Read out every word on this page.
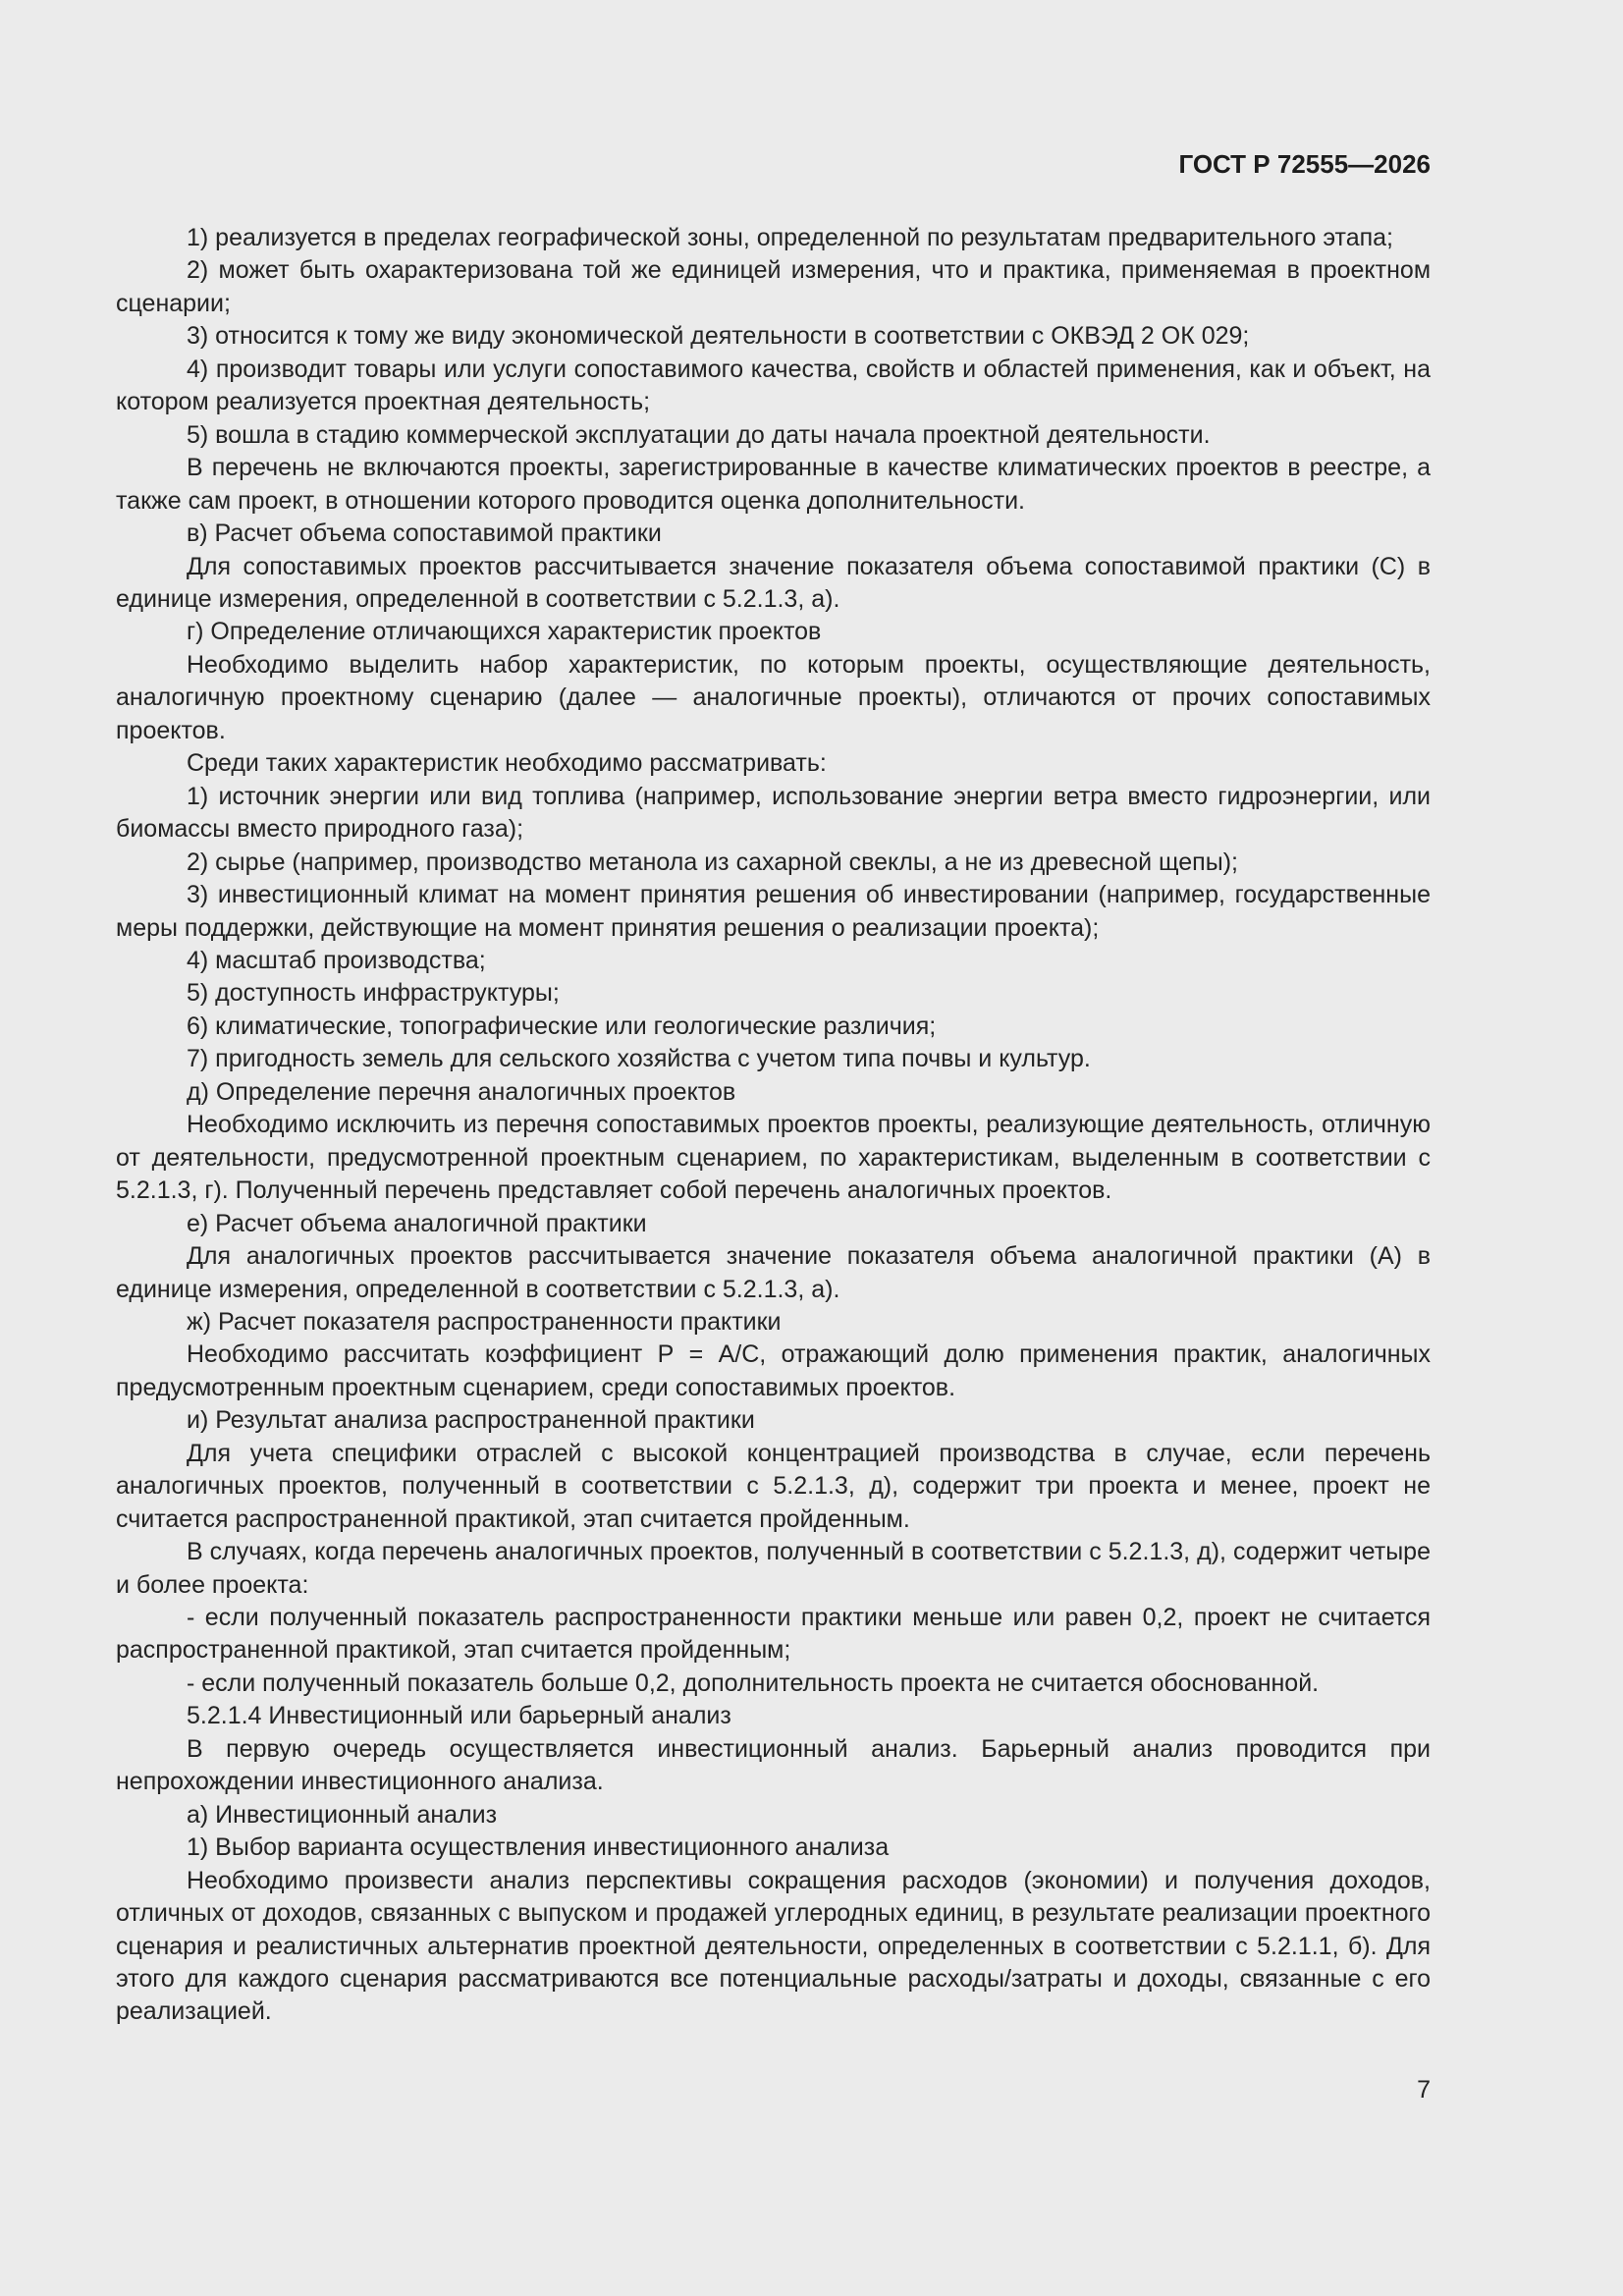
ГОСТ Р 72555—2026

1) реализуется в пределах географической зоны, определенной по результатам предварительного этапа;

2) может быть охарактеризована той же единицей измерения, что и практика, применяемая в проектном сценарии;

3) относится к тому же виду экономической деятельности в соответствии с ОКВЭД 2 ОК 029;

4) производит товары или услуги сопоставимого качества, свойств и областей применения, как и объект, на котором реализуется проектная деятельность;

5) вошла в стадию коммерческой эксплуатации до даты начала проектной деятельности.

В перечень не включаются проекты, зарегистрированные в качестве климатических проектов в реестре, а также сам проект, в отношении которого проводится оценка дополнительности.

в) Расчет объема сопоставимой практики

Для сопоставимых проектов рассчитывается значение показателя объема сопоставимой практики (С) в единице измерения, определенной в соответствии с 5.2.1.3, а).

г) Определение отличающихся характеристик проектов

Необходимо выделить набор характеристик, по которым проекты, осуществляющие деятельность, аналогичную проектному сценарию (далее — аналогичные проекты), отличаются от прочих сопоставимых проектов.

Среди таких характеристик необходимо рассматривать:

1) источник энергии или вид топлива (например, использование энергии ветра вместо гидроэнергии, или биомассы вместо природного газа);

2) сырье (например, производство метанола из сахарной свеклы, а не из древесной щепы);

3) инвестиционный климат на момент принятия решения об инвестировании (например, государственные меры поддержки, действующие на момент принятия решения о реализации проекта);

4) масштаб производства;

5) доступность инфраструктуры;

6) климатические, топографические или геологические различия;

7) пригодность земель для сельского хозяйства с учетом типа почвы и культур.

д) Определение перечня аналогичных проектов

Необходимо исключить из перечня сопоставимых проектов проекты, реализующие деятельность, отличную от деятельности, предусмотренной проектным сценарием, по характеристикам, выделенным в соответствии с 5.2.1.3, г). Полученный перечень представляет собой перечень аналогичных проектов.

е) Расчет объема аналогичной практики

Для аналогичных проектов рассчитывается значение показателя объема аналогичной практики (А) в единице измерения, определенной в соответствии с 5.2.1.3, а).

ж) Расчет показателя распространенности практики

Необходимо рассчитать коэффициент Р = А/С, отражающий долю применения практик, аналогичных предусмотренным проектным сценарием, среди сопоставимых проектов.

и) Результат анализа распространенной практики

Для учета специфики отраслей с высокой концентрацией производства в случае, если перечень аналогичных проектов, полученный в соответствии с 5.2.1.3, д), содержит три проекта и менее, проект не считается распространенной практикой, этап считается пройденным.

В случаях, когда перечень аналогичных проектов, полученный в соответствии с 5.2.1.3, д), содержит четыре и более проекта:

- если полученный показатель распространенности практики меньше или равен 0,2, проект не считается распространенной практикой, этап считается пройденным;

- если полученный показатель больше 0,2, дополнительность проекта не считается обоснованной.

5.2.1.4 Инвестиционный или барьерный анализ

В первую очередь осуществляется инвестиционный анализ. Барьерный анализ проводится при непрохождении инвестиционного анализа.

а) Инвестиционный анализ

1) Выбор варианта осуществления инвестиционного анализа

Необходимо произвести анализ перспективы сокращения расходов (экономии) и получения доходов, отличных от доходов, связанных с выпуском и продажей углеродных единиц, в результате реализации проектного сценария и реалистичных альтернатив проектной деятельности, определенных в соответствии с 5.2.1.1, б). Для этого для каждого сценария рассматриваются все потенциальные расходы/затраты и доходы, связанные с его реализацией.

7
